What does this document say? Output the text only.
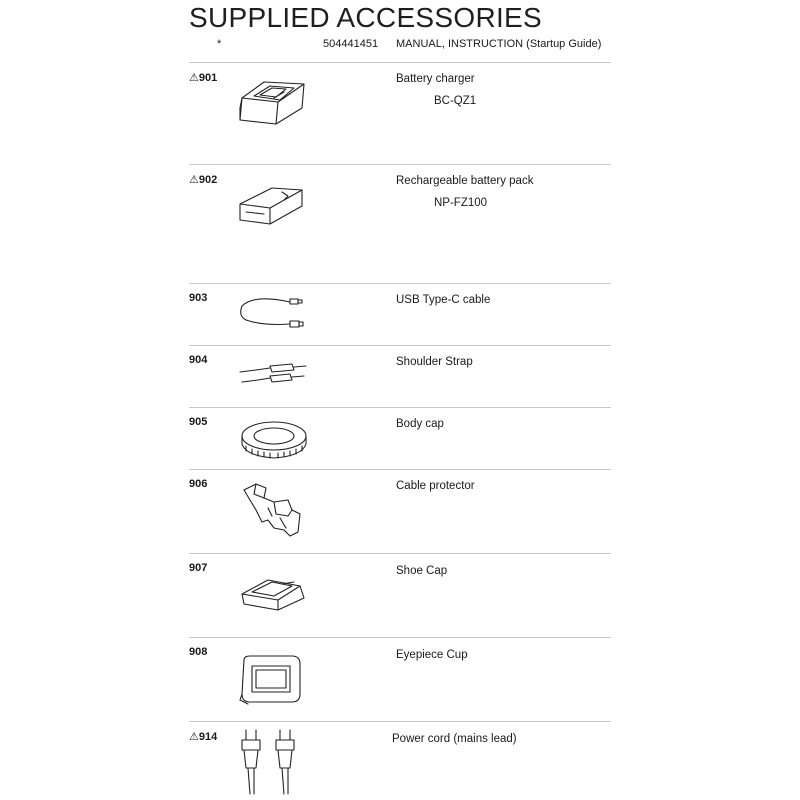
SUPPLIED ACCESSORIES
*	504441451 MANUAL, INSTRUCTION (Startup Guide)
⚠901	Battery charger
BC-QZ1
⚠902	Rechargeable battery pack
NP-FZ100
903	USB Type-C cable
904	Shoulder Strap
905	Body cap
906	Cable protector
907	Shoe Cap
908	Eyepiece Cup
⚠914	Power cord (mains lead)
